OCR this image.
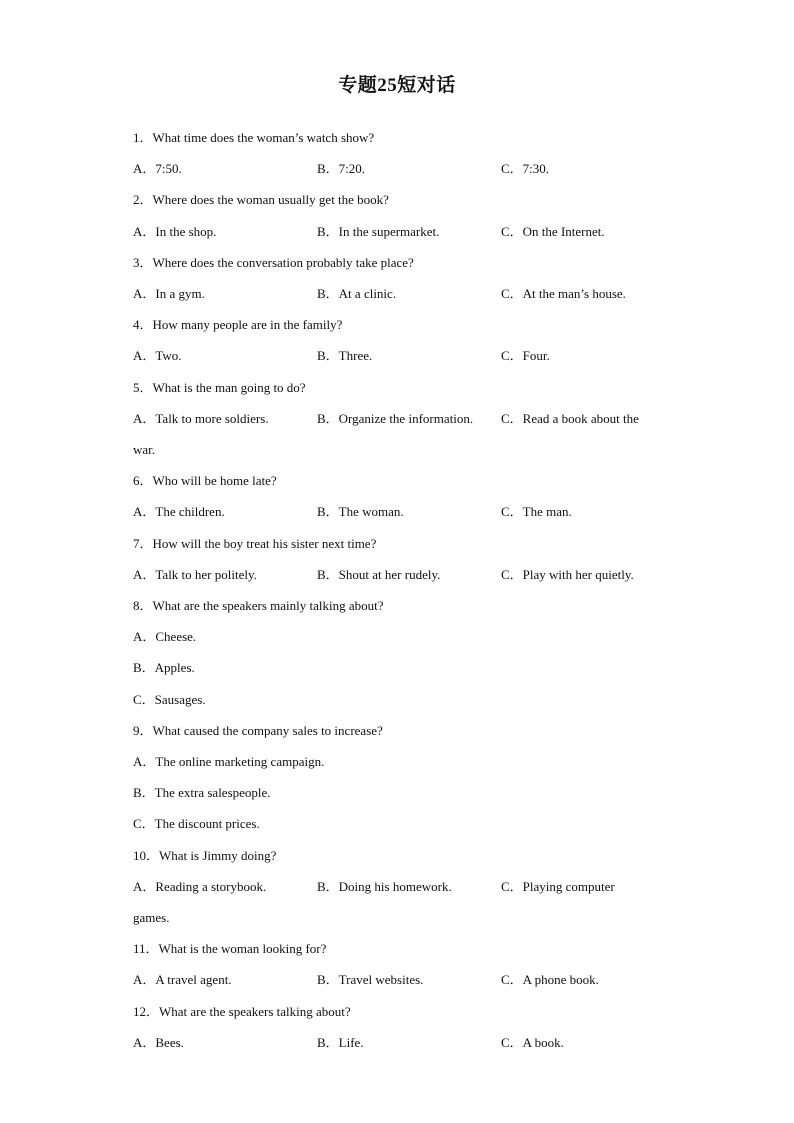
专题25短对话
1．What time does the woman’s watch show?
A．7:50.	B．7:20.	C．7:30.
2．Where does the woman usually get the book?
A．In the shop.	B．In the supermarket.	C．On the Internet.
3．Where does the conversation probably take place?
A．In a gym.	B．At a clinic.	C．At the man’s house.
4．How many people are in the family?
A．Two.	B．Three.	C．Four.
5．What is the man going to do?
A．Talk to more soldiers.	B．Organize the information. C．Read a book about the
war.
6．Who will be home late?
A．The children.	B．The woman.	C．The man.
7．How will the boy treat his sister next time?
A．Talk to her politely.	B．Shout at her rudely.	C．Play with her quietly.
8．What are the speakers mainly talking about?
A．Cheese.
B．Apples.
C．Sausages.
9．What caused the company sales to increase?
A．The online marketing campaign.
B．The extra salespeople.
C．The discount prices.
10．What is Jimmy doing?
A．Reading a storybook.	B．Doing his homework.	C．Playing computer
games.
11．What is the woman looking for?
A．A travel agent.	B．Travel websites.	C．A phone book.
12．What are the speakers talking about?
A．Bees.	B．Life.	C．A book.
